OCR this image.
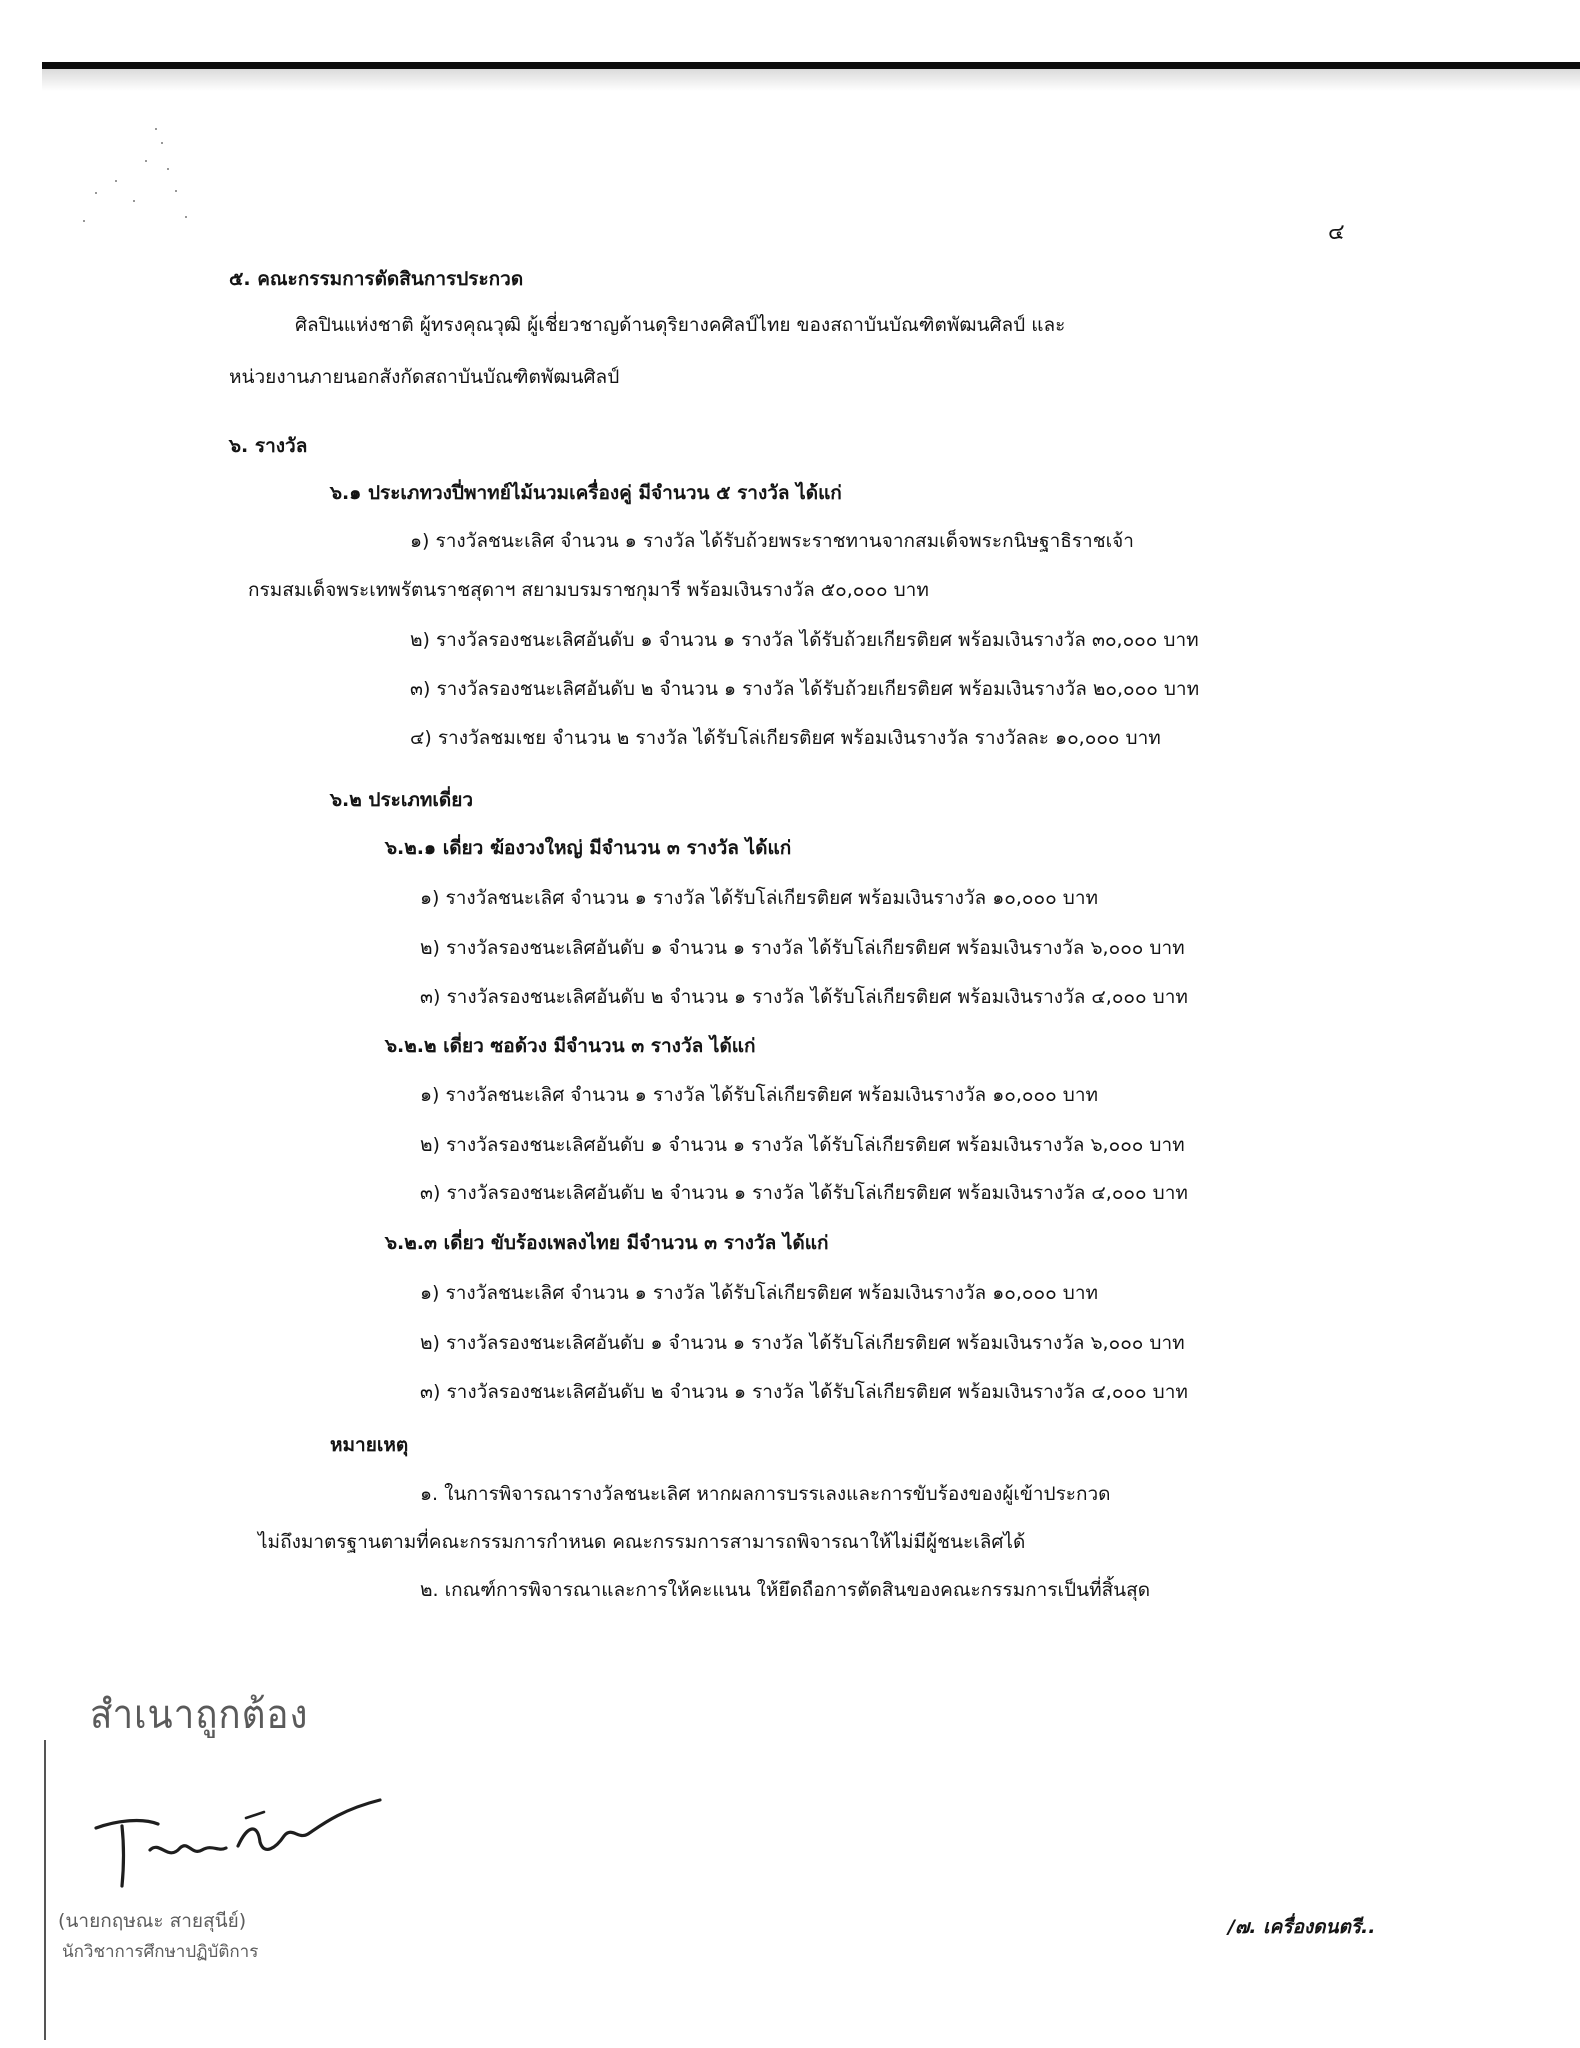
๔
๕. คณะกรรมการตัดสินการประกวด
ศิลปินแห่งชาติ ผู้ทรงคุณวุฒิ ผู้เชี่ยวชาญด้านดุริยางคศิลป์ไทย ของสถาบันบัณฑิตพัฒนศิลป์ และ
หน่วยงานภายนอกสังกัดสถาบันบัณฑิตพัฒนศิลป์
๖. รางวัล
๖.๑ ประเภทวงปี่พาทย์ไม้นวมเครื่องคู่ มีจำนวน ๕ รางวัล ได้แก่
๑) รางวัลชนะเลิศ จำนวน ๑ รางวัล ได้รับถ้วยพระราชทานจากสมเด็จพระกนิษฐาธิราชเจ้า
กรมสมเด็จพระเทพรัตนราชสุดาฯ สยามบรมราชกุมารี พร้อมเงินรางวัล ๕๐,๐๐๐ บาท
๒) รางวัลรองชนะเลิศอันดับ ๑ จำนวน ๑ รางวัล ได้รับถ้วยเกียรติยศ พร้อมเงินรางวัล ๓๐,๐๐๐ บาท
๓) รางวัลรองชนะเลิศอันดับ ๒ จำนวน ๑ รางวัล ได้รับถ้วยเกียรติยศ พร้อมเงินรางวัล ๒๐,๐๐๐ บาท
๔) รางวัลชมเชย จำนวน ๒ รางวัล ได้รับโล่เกียรติยศ พร้อมเงินรางวัล รางวัลละ ๑๐,๐๐๐ บาท
๖.๒ ประเภทเดี่ยว
๖.๒.๑ เดี่ยว ฆ้องวงใหญ่ มีจำนวน ๓ รางวัล ได้แก่
๑) รางวัลชนะเลิศ จำนวน ๑ รางวัล ได้รับโล่เกียรติยศ พร้อมเงินรางวัล ๑๐,๐๐๐ บาท
๒) รางวัลรองชนะเลิศอันดับ ๑ จำนวน ๑ รางวัล ได้รับโล่เกียรติยศ พร้อมเงินรางวัล ๖,๐๐๐ บาท
๓) รางวัลรองชนะเลิศอันดับ ๒ จำนวน ๑ รางวัล ได้รับโล่เกียรติยศ พร้อมเงินรางวัล ๔,๐๐๐ บาท
๖.๒.๒ เดี่ยว ซอด้วง มีจำนวน ๓ รางวัล ได้แก่
๑) รางวัลชนะเลิศ จำนวน ๑ รางวัล ได้รับโล่เกียรติยศ พร้อมเงินรางวัล ๑๐,๐๐๐ บาท
๒) รางวัลรองชนะเลิศอันดับ ๑ จำนวน ๑ รางวัล ได้รับโล่เกียรติยศ พร้อมเงินรางวัล ๖,๐๐๐ บาท
๓) รางวัลรองชนะเลิศอันดับ ๒ จำนวน ๑ รางวัล ได้รับโล่เกียรติยศ พร้อมเงินรางวัล ๔,๐๐๐ บาท
๖.๒.๓ เดี่ยว ขับร้องเพลงไทย มีจำนวน ๓ รางวัล ได้แก่
๑) รางวัลชนะเลิศ จำนวน ๑ รางวัล ได้รับโล่เกียรติยศ พร้อมเงินรางวัล ๑๐,๐๐๐ บาท
๒) รางวัลรองชนะเลิศอันดับ ๑ จำนวน ๑ รางวัล ได้รับโล่เกียรติยศ พร้อมเงินรางวัล ๖,๐๐๐ บาท
๓) รางวัลรองชนะเลิศอันดับ ๒ จำนวน ๑ รางวัล ได้รับโล่เกียรติยศ พร้อมเงินรางวัล ๔,๐๐๐ บาท
หมายเหตุ
๑. ในการพิจารณารางวัลชนะเลิศ หากผลการบรรเลงและการขับร้องของผู้เข้าประกวด
ไม่ถึงมาตรฐานตามที่คณะกรรมการกำหนด คณะกรรมการสามารถพิจารณาให้ไม่มีผู้ชนะเลิศได้
๒. เกณฑ์การพิจารณาและการให้คะแนน ให้ยึดถือการตัดสินของคณะกรรมการเป็นที่สิ้นสุด
สำเนาถูกต้อง
(นายกฤษณะ สายสุนีย์)
นักวิชาการศึกษาปฏิบัติการ
/๗. เครื่องดนตรี..
